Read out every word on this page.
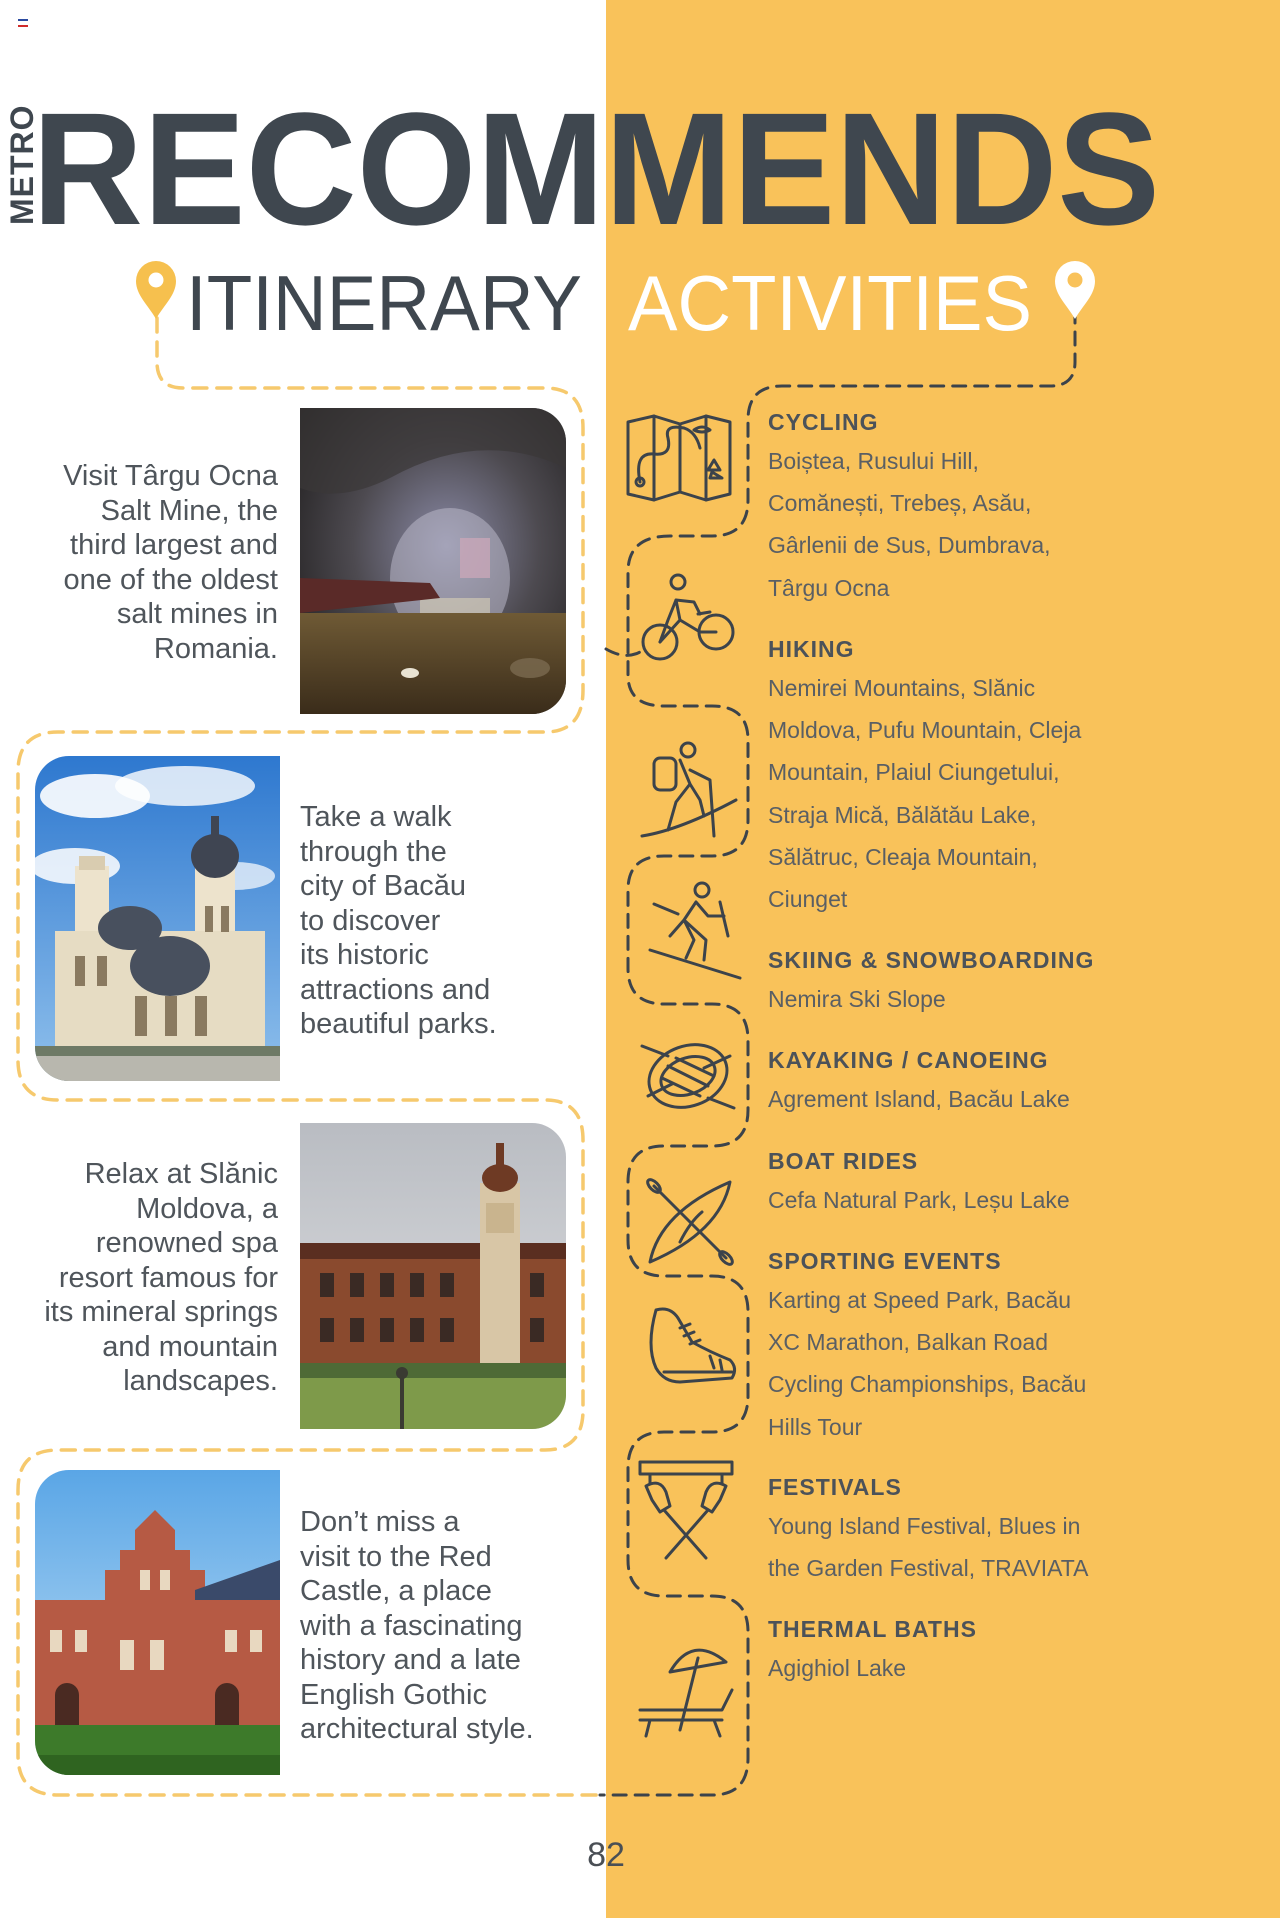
METRO
RECOMMENDS
ITINERARY ACTIVITIES
Visit Târgu Ocna
Salt Mine, the
third largest and
one of the oldest
salt mines in
Romania.
Take a walk
through the
city of Bacău
to discover
its historic
attractions and
beautiful parks.
Relax at Slănic
Moldova, a
renowned spa
resort famous for
its mineral springs
and mountain
landscapes.
Don’t miss a
visit to the Red
Castle, a place
with a fascinating
history and a late
English Gothic
architectural style.
CYCLING
Boiștea, Rusului Hill,
Comănești, Trebeș, Asău,
Gârlenii de Sus, Dumbrava,
Târgu Ocna
HIKING
Nemirei Mountains, Slănic
Moldova, Pufu Mountain, Cleja
Mountain, Plaiul Ciungetului,
Straja Mică, Bălătău Lake,
Sălătruc, Cleaja Mountain,
Ciunget
SKIING & SNOWBOARDING
Nemira Ski Slope
KAYAKING / CANOEING
Agrement Island, Bacău Lake
BOAT RIDES
Cefa Natural Park, Leșu Lake
SPORTING EVENTS
Karting at Speed Park, Bacău
XC Marathon, Balkan Road
Cycling Championships, Bacău
Hills Tour
FESTIVALS
Young Island Festival, Blues in
the Garden Festival, TRAVIATA
THERMAL BATHS
Agighiol Lake
82
